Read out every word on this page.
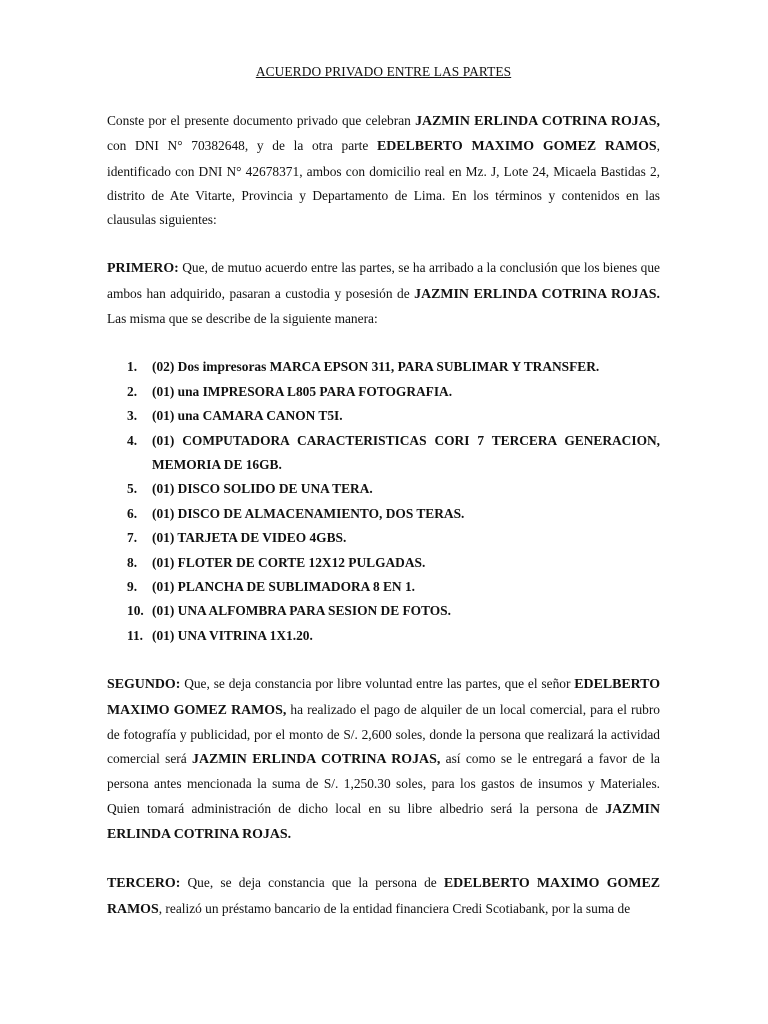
ACUERDO PRIVADO ENTRE LAS PARTES

Conste por el presente documento privado que celebran JAZMIN ERLINDA COTRINA ROJAS, con DNI N° 70382648, y de la otra parte EDELBERTO MAXIMO GOMEZ RAMOS, identificado con DNI N° 42678371, ambos con domicilio real en Mz. J, Lote 24, Micaela Bastidas 2, distrito de Ate Vitarte, Provincia y Departamento de Lima. En los términos y contenidos en las clausulas siguientes:

PRIMERO: Que, de mutuo acuerdo entre las partes, se ha arribado a la conclusión que los bienes que ambos han adquirido, pasaran a custodia y posesión de JAZMIN ERLINDA COTRINA ROJAS. Las misma que se describe de la siguiente manera:

1.	(02) Dos impresoras MARCA EPSON 311, PARA SUBLIMAR Y TRANSFER.
2.	(01) una IMPRESORA L805 PARA FOTOGRAFIA.
3.	(01) una CAMARA CANON T5I.
4.	(01) COMPUTADORA CARACTERISTICAS CORI 7 TERCERA GENERACION, MEMORIA DE 16GB.
5.	(01) DISCO SOLIDO DE UNA TERA.
6.	(01) DISCO DE ALMACENAMIENTO, DOS TERAS.
7.	(01) TARJETA DE VIDEO 4GBS.
8.	(01) FLOTER DE CORTE 12X12 PULGADAS.
9.	(01) PLANCHA DE SUBLIMADORA 8 EN 1.
10. (01) UNA ALFOMBRA PARA SESION DE FOTOS.
11. (01) UNA VITRINA 1X1.20.

SEGUNDO: Que, se deja constancia por libre voluntad entre las partes, que el señor EDELBERTO MAXIMO GOMEZ RAMOS, ha realizado el pago de alquiler de un local comercial, para el rubro de fotografía y publicidad, por el monto de S/. 2,600 soles, donde la persona que realizará la actividad comercial será JAZMIN ERLINDA COTRINA ROJAS, así como se le entregará a favor de la persona antes mencionada la suma de S/. 1,250.30 soles, para los gastos de insumos y Materiales. Quien tomará administración de dicho local en su libre albedrio será la persona de JAZMIN ERLINDA COTRINA ROJAS.

TERCERO: Que, se deja constancia que la persona de EDELBERTO MAXIMO GOMEZ RAMOS, realizó un préstamo bancario de la entidad financiera Credi Scotiabank, por la suma de
